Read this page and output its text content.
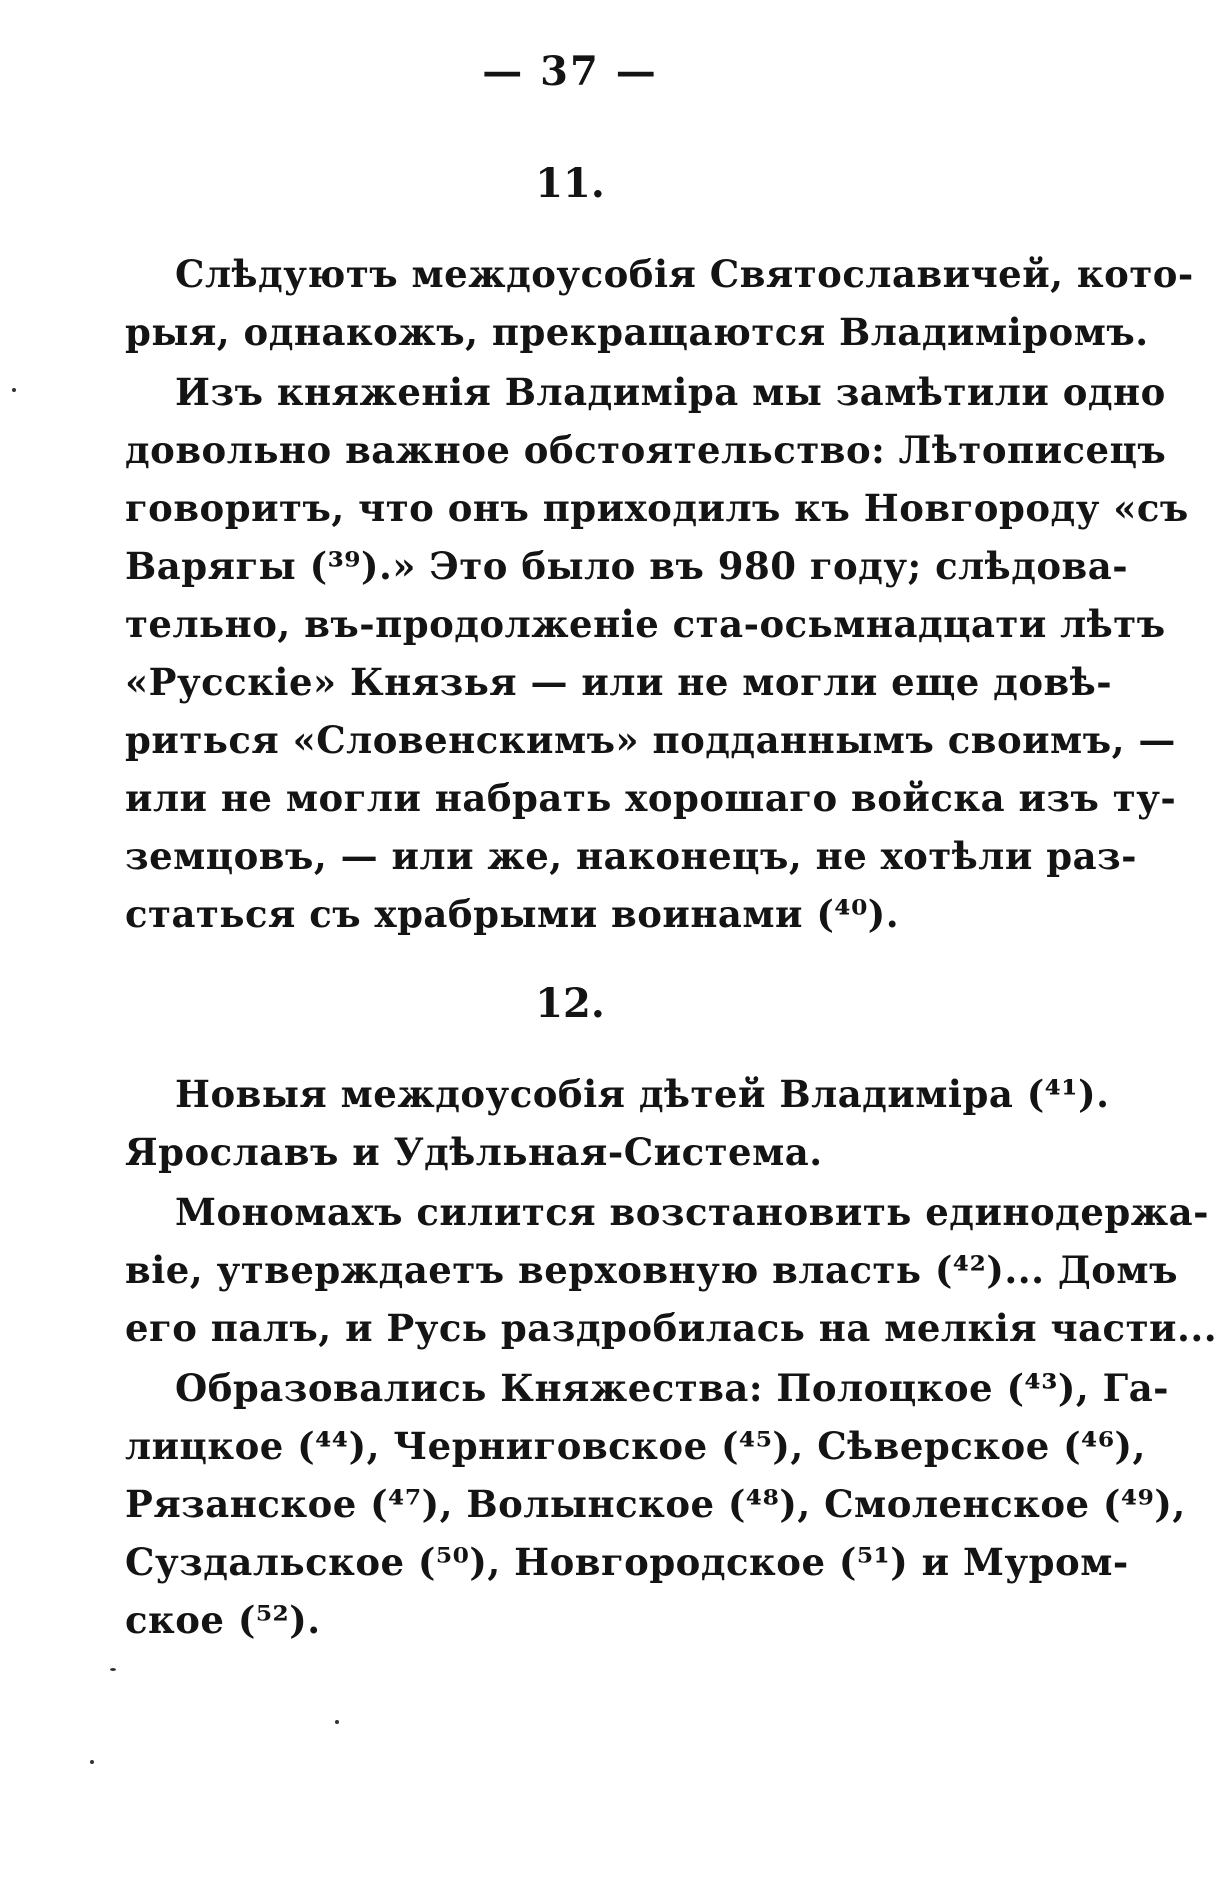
— 37 —
11.
Слѣдуютъ междоусобія Святославичей, кото-
рыя, однакожъ, прекращаются Владиміромъ.
Изъ княженія Владиміра мы замѣтили одно
довольно важное обстоятельство: Лѣтописецъ
говоритъ, что онъ приходилъ къ Новгороду «съ
Варягы (³⁹).» Это было въ 980 году; слѣдова-
тельно, въ-продолженіе ста-осьмнадцати лѣтъ
«Русскіе» Князья — или не могли еще довѣ-
риться «Словенскимъ» подданнымъ своимъ, —
или не могли набрать хорошаго войска изъ ту-
земцовъ, — или же, наконецъ, не хотѣли раз-
статься съ храбрыми воинами (⁴⁰).
12.
Новыя междоусобія дѣтей Владиміра (⁴¹).
Ярославъ и Удѣльная-Система.
Мономахъ силится возстановить единодержа-
віе, утверждаетъ верховную власть (⁴²)... Домъ
его палъ, и Русь раздробилась на мелкія части...
Образовались Княжества: Полоцкое (⁴³), Га-
лицкое (⁴⁴), Черниговское (⁴⁵), Сѣверское (⁴⁶),
Рязанское (⁴⁷), Волынское (⁴⁸), Смоленское (⁴⁹),
Суздальское (⁵⁰), Новгородское (⁵¹) и Муром-
ское (⁵²).
